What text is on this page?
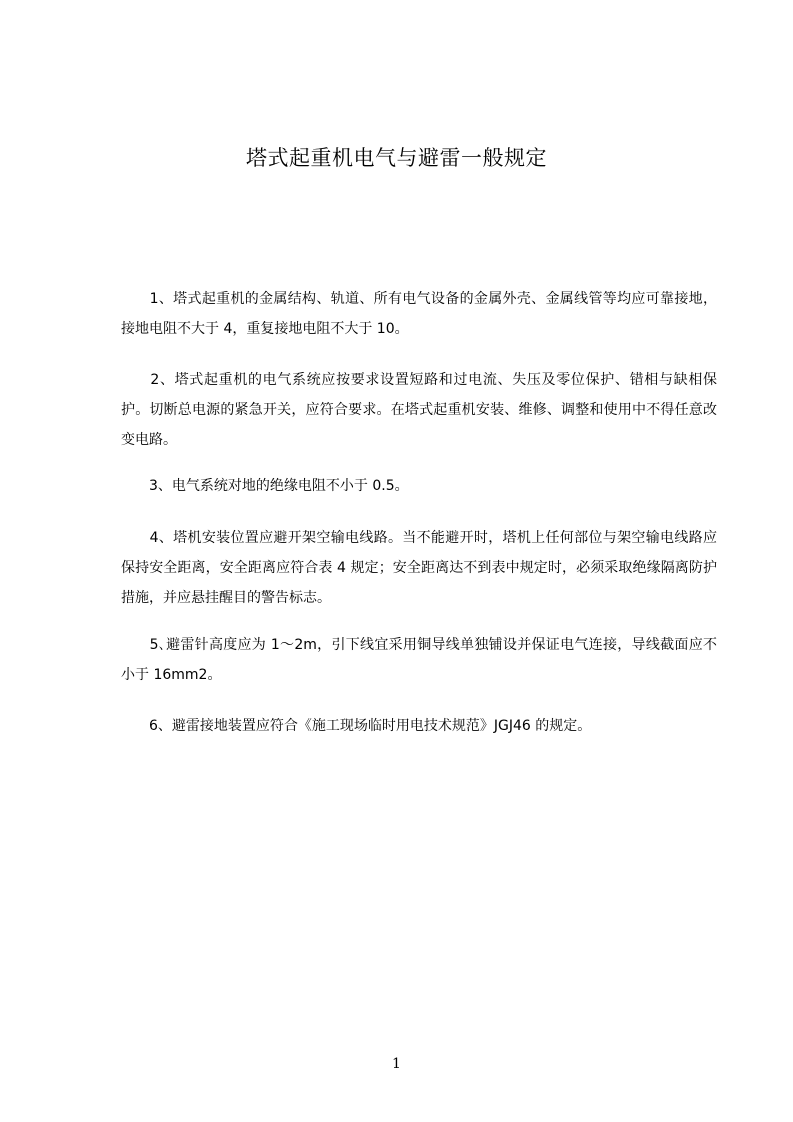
塔式起重机电气与避雷一般规定

　　1、塔式起重机的金属结构、轨道、所有电气设备的金属外壳、金属线管等均应可靠接地，接地电阻不大于 4，重复接地电阻不大于 10。

　　2、塔式起重机的电气系统应按要求设置短路和过电流、失压及零位保护、错相与缺相保护。切断总电源的紧急开关，应符合要求。在塔式起重机安装、维修、调整和使用中不得任意改变电路。

　　3、电气系统对地的绝缘电阻不小于 0.5。

　　4、塔机安装位置应避开架空输电线路。当不能避开时，塔机上任何部位与架空输电线路应保持安全距离，安全距离应符合表 4 规定；安全距离达不到表中规定时，必须采取绝缘隔离防护措施，并应悬挂醒目的警告标志。

　　5､避雷针高度应为 1～2m，引下线宜采用铜导线单独铺设并保证电气连接，导线截面应不小于 16mm2。

　　6、避雷接地装置应符合《施工现场临时用电技术规范》JGJ46 的规定。

1
